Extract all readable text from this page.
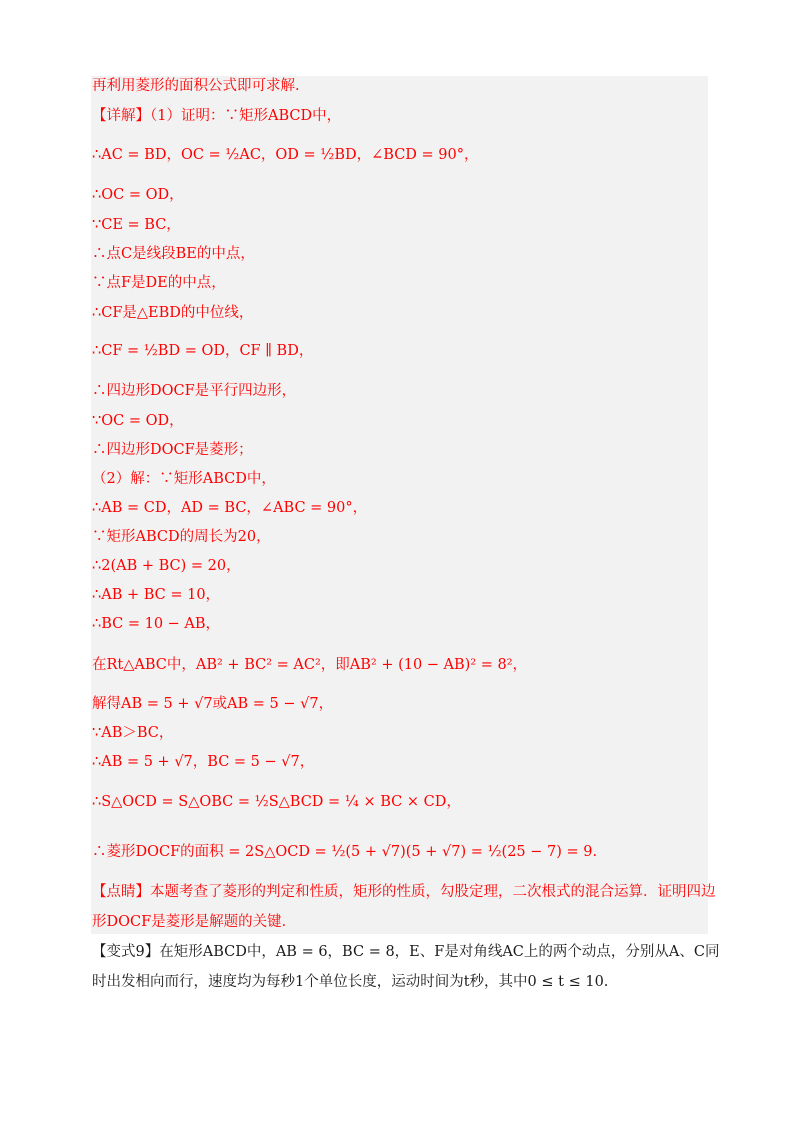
再利用菱形的面积公式即可求解.
【详解】（1）证明：∵矩形ABCD中，
∴AC = BD，OC = ½AC，OD = ½BD，∠BCD = 90°，
∴OC = OD，
∵CE = BC，
∴点C是线段BE的中点，
∵点F是DE的中点，
∴CF是△EBD的中位线，
∴CF = ½BD = OD，CF ∥ BD，
∴四边形DOCF是平行四边形，
∵OC = OD，
∴四边形DOCF是菱形；
（2）解：∵矩形ABCD中，
∴AB = CD，AD = BC，∠ABC = 90°，
∵矩形ABCD的周长为20，
∴2(AB + BC) = 20，
∴AB + BC = 10，
∴BC = 10 − AB，
在Rt△ABC中，AB² + BC² = AC²，即AB² + (10 − AB)² = 8²，
解得AB = 5 + √7或AB = 5 − √7，
∵AB＞BC，
∴AB = 5 + √7，BC = 5 − √7，
∴S△OCD = S△OBC = ½S△BCD = ¼ × BC × CD，
∴菱形DOCF的面积 = 2S△OCD = ½(5 + √7)(5 + √7) = ½(25 − 7) = 9.
【点睛】本题考查了菱形的判定和性质，矩形的性质，勾股定理，二次根式的混合运算．证明四边
形DOCF是菱形是解题的关键．
【变式9】在矩形ABCD中，AB = 6，BC = 8，E、F是对角线AC上的两个动点，分别从A、C同
时出发相向而行，速度均为每秒1个单位长度，运动时间为t秒，其中0 ≤ t ≤ 10.
